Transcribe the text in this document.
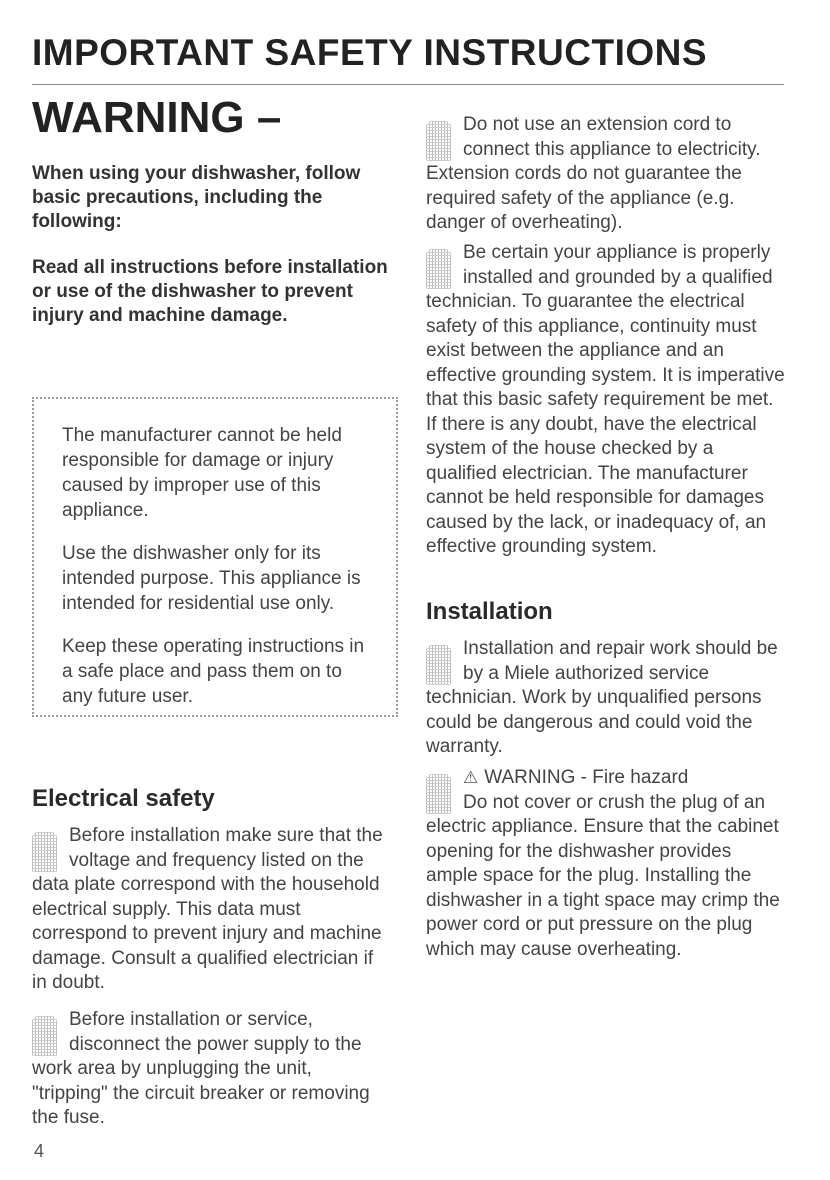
IMPORTANT SAFETY INSTRUCTIONS
WARNING –

When using your dishwasher, follow basic precautions, including the following:

Read all instructions before installation or use of the dishwasher to prevent injury and machine damage.

The manufacturer cannot be held responsible for damage or injury caused by improper use of this appliance.

Use the dishwasher only for its intended purpose. This appliance is intended for residential use only.

Keep these operating instructions in a safe place and pass them on to any future user.

Electrical safety
Before installation make sure that the voltage and frequency listed on the data plate correspond with the household electrical supply. This data must correspond to prevent injury and machine damage. Consult a qualified electrician if in doubt.
Before installation or service, disconnect the power supply to the work area by unplugging the unit, "tripping" the circuit breaker or removing the fuse.
Do not use an extension cord to connect this appliance to electricity. Extension cords do not guarantee the required safety of the appliance (e.g. danger of overheating).
Be certain your appliance is properly installed and grounded by a qualified technician. To guarantee the electrical safety of this appliance, continuity must exist between the appliance and an effective grounding system. It is imperative that this basic safety requirement be met. If there is any doubt, have the electrical system of the house checked by a qualified electrician. The manufacturer cannot be held responsible for damages caused by the lack, or inadequacy of, an effective grounding system.
Installation
Installation and repair work should be by a Miele authorized service technician. Work by unqualified persons could be dangerous and could void the warranty.
⚠ WARNING - Fire hazard
Do not cover or crush the plug of an electric appliance. Ensure that the cabinet opening for the dishwasher provides ample space for the plug. Installing the dishwasher in a tight space may crimp the power cord or put pressure on the plug which may cause overheating.
4
